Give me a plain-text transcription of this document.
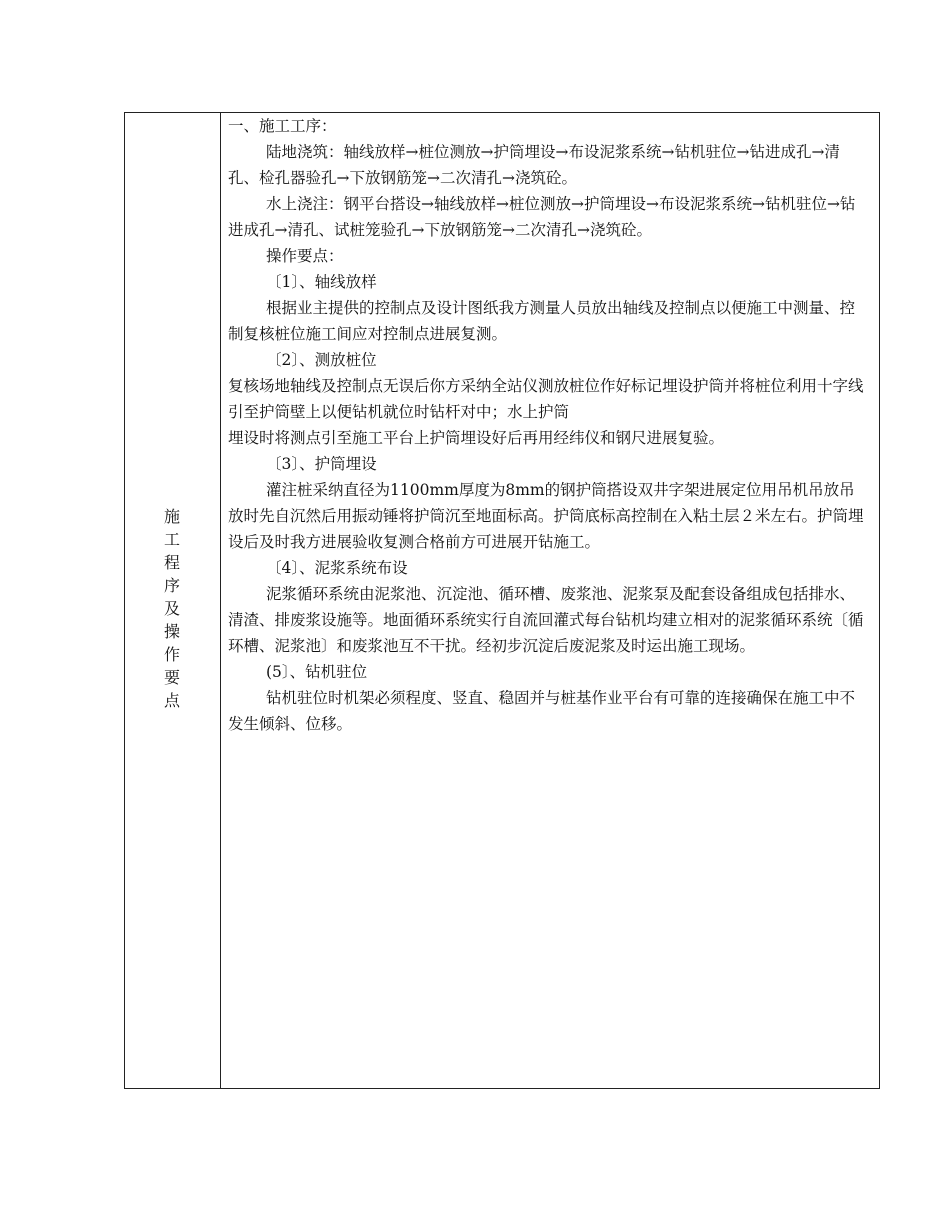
施
工
程
序
及
操
作
要
点

一、施工工序：

陆地浇筑：轴线放样→桩位测放→护筒埋设→布设泥浆系统→钻机驻位→钻进成孔→清孔、检孔器验孔→下放钢筋笼→二次清孔→浇筑砼。

水上浇注：钢平台搭设→轴线放样→桩位测放→护筒埋设→布设泥浆系统→钻机驻位→钻进成孔→清孔、试桩笼验孔→下放钢筋笼→二次清孔→浇筑砼。

操作要点：

〔1〕、轴线放样

根据业主提供的控制点及设计图纸我方测量人员放出轴线及控制点以便施工中测量、控制复核桩位施工间应对控制点进展复测。

〔2〕、测放桩位

复核场地轴线及控制点无误后你方采纳全站仪测放桩位作好标记埋设护筒并将桩位利用十字线引至护筒壁上以便钻机就位时钻杆对中；水上护筒

埋设时将测点引至施工平台上护筒埋设好后再用经纬仪和钢尺进展复验。

〔3〕、护筒埋设

灌注桩采纳直径为1100mm厚度为8mm的钢护筒搭设双井字架进展定位用吊机吊放吊放时先自沉然后用振动锤将护筒沉至地面标高。护筒底标高控制在入粘土层２米左右。护筒埋设后及时我方进展验收复测合格前方可进展开钻施工。

〔4〕、泥浆系统布设

泥浆循环系统由泥浆池、沉淀池、循环槽、废浆池、泥浆泵及配套设备组成包括排水、清渣、排废浆设施等。地面循环系统实行自流回灌式每台钻机均建立相对的泥浆循环系统〔循环槽、泥浆池〕和废浆池互不干扰。经初步沉淀后废泥浆及时运出施工现场。

(5〕、钻机驻位

钻机驻位时机架必须程度、竖直、稳固并与桩基作业平台有可靠的连接确保在施工中不发生倾斜、位移。
